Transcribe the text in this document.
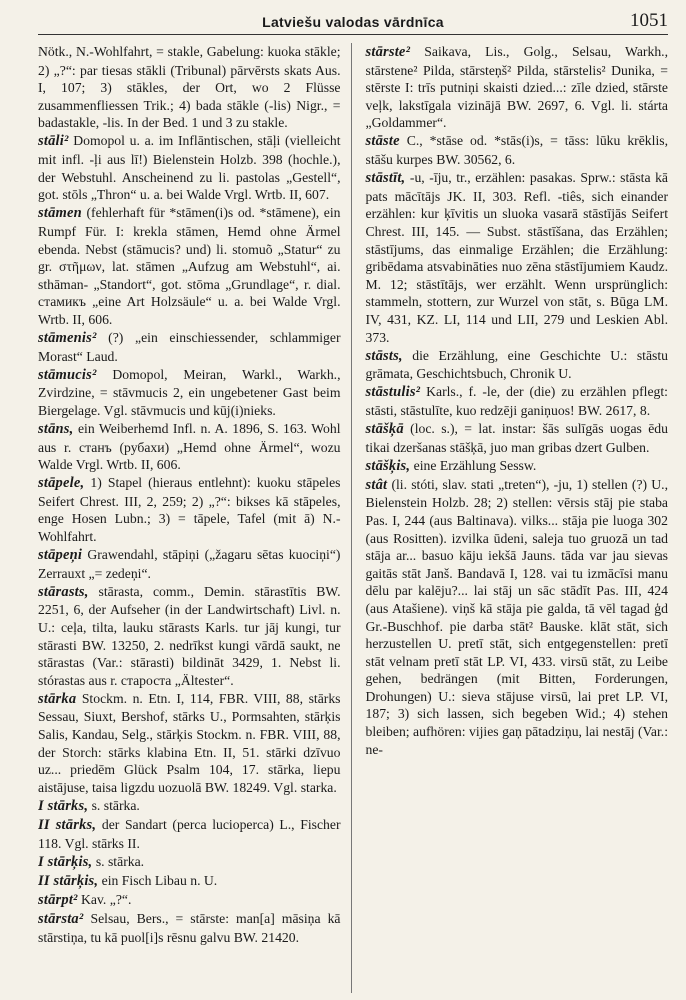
Latviešu valodas vārdnīca	1051

Nötk., N.-Wohlfahrt, = stakle, Gabelung: kuoka stākle; 2) „?“: par tiesas stākli (Tribunal) pārvērsts skats Aus. I, 107; 3) stākles, der Ort, wo 2 Flüsse zusammenfliessen Trik.; 4) bada stākle (-lis) Nigr., = badastakle, -lis. In der Bed. 1 und 3 zu stakle.

stāli² Domopol u. a. im Inflāntischen, stāļi (vielleicht mit infl. -ļi aus lī!) Bielenstein Holzb. 398 (hochle.), der Webstuhl. Anscheinend zu li. pastolas „Gestell“, got. stōls „Thron“ u. a. bei Walde Vrgl. Wrtb. II, 607.

stāmen (fehlerhaft für *stāmen(i)s od. *stāmene), ein Rumpf Für. I: krekla stāmen, Hemd ohne Ärmel ebenda. Nebst (stāmucis? und) li. stomuõ „Statur“ zu gr. στῆμων, lat. stāmen „Aufzug am Webstuhl“, ai. sthāman- „Standort“, got. stōma „Grundlage“, r. dial. стамикъ „eine Art Holzsäule“ u. a. bei Walde Vrgl. Wrtb. II, 606.

stāmenis² (?) „ein einschiessender, schlammiger Morast“ Laud.

stāmucis² Domopol, Meiran, Warkl., Warkh., Zvirdzine, = stāvmucis 2, ein ungebetener Gast beim Biergelage. Vgl. stāvmucis und kūj(i)nieks.

stāns, ein Weiberhemd Infl. n. A. 1896, S. 163. Wohl aus r. станъ (рубахи) „Hemd ohne Ärmel“, wozu Walde Vrgl. Wrtb. II, 606.

stāpele, 1) Stapel (hieraus entlehnt): kuoku stāpeles Seifert Chrest. III, 2, 259; 2) „?“: bikses kā stāpeles, enge Hosen Lubn.; 3) = tāpele, Tafel (mit ā) N.-Wohlfahrt.

stāpeņi Grawendahl, stāpiņi („žagaru sētas kuociņi“) Zerrauxt „= zedeņi“.

stārasts, stārasta, comm., Demin. stārastītis BW. 2251, 6, der Aufseher (in der Landwirtschaft) Livl. n. U.: ceļa, tilta, lauku stārasts Karls. tur jāj kungi, tur stārasti BW. 13250, 2. nedrīkst kungi vārdā saukt, ne stārastas (Var.: stārasti) bildināt 3429, 1. Nebst li. stórastas aus r. старостa „Ältester“.

stārka Stockm. n. Etn. I, 114, FBR. VIII, 88, stārks Sessau, Siuxt, Bershof, stārks U., Pormsahten, stārķis Salis, Kandau, Selg., stārķis Stockm. n. FBR. VIII, 88, der Storch: stārks klabina Etn. II, 51. stārki dzīvuo uz... priedēm Glück Psalm 104, 17. stārka, liepu aistājuse, taisa ligzdu uozuolā BW. 18249. Vgl. starka.

I stārks, s. stārka.

II stārks, der Sandart (perca lucioperca) L., Fischer 118. Vgl. stārks II.

I stārķis, s. stārka.

II stārķis, ein Fisch Libau n. U.

stārpt² Kav. „?“.

stārsta² Selsau, Bers., = stārste: man[a] māsiņa kā stārstiņa, tu kā puol[i]s rēsnu galvu BW. 21420.

stārste² Saikava, Lis., Golg., Selsau, Warkh., stārstene² Pilda, stārsteņš² Pilda, stārstelis² Dunika, = stērste I: trīs putniņi skaisti dzied...: zīle dzied, stārste veļk, lakstīgala vizinājā BW. 2697, 6. Vgl. li. stárta „Goldammer“.

stāste C., *stāse od. *stās(i)s, = tāss: lūku krēklis, stāšu kurpes BW. 30562, 6.

stāstīt, -u, -īju, tr., erzählen: pasakas. Sprw.: stāsta kā pats mācītājs JK. II, 303. Refl. -tiês, sich einander erzählen: kur ķīvitis un sluoka vasarā stāstījās Seifert Chrest. III, 145. — Subst. stāstīšana, das Erzählen; stāstījums, das einmalige Erzählen; die Erzählung: gribēdama atsvabināties nuo zēna stāstījumiem Kaudz. M. 12; stāstītājs, wer erzählt. Wenn ursprünglich: stammeln, stottern, zur Wurzel von stāt, s. Būga LM. IV, 431, KZ. LI, 114 und LII, 279 und Leskien Abl. 373.

stāsts, die Erzählung, eine Geschichte U.: stāstu grāmata, Geschichtsbuch, Chronik U.

stāstulis² Karls., f. -le, der (die) zu erzählen pflegt: stāsti, stāstulīte, kuo redzēji ganiņuos! BW. 2617, 8.

stāšķā (loc. s.), = lat. instar: šās sulīgās uogas ēdu tikai dzeršanas stāšķā, juo man gribas dzert Gulben.

stāšķis, eine Erzählung Sessw.

stât (li. stóti, slav. stati „treten“), -ju, 1) stellen (?) U., Bielenstein Holzb. 28; 2) stellen: vērsis stāj pie staba Pas. I, 244 (aus Baltinava). vilks... stāja pie luoga 302 (aus Rositten). izvilka ūdeni, saleja tuo gruozā un tad stāja ar... basuo kāju iekšā Jauns. tāda var jau sievas gaitās stāt Janš. Bandavā I, 128. vai tu izmācīsi manu dēlu par kalēju?... lai stāj un sāc stādīt Pas. III, 424 (aus Atašiene). viņš kā stāja pie galda, tā vēl tagad ģd Gr.-Buschhof. pie darba stāt² Bauske. klāt stāt, sich herzustellen U. pretī stāt, sich entgegenstellen: pretī stāt velnam pretī stāt LP. VI, 433. virsū stāt, zu Leibe gehen, bedrängen (mit Bitten, Forderungen, Drohungen) U.: sieva stājuse virsū, lai pret LP. VI, 187; 3) sich lassen, sich begeben Wid.; 4) stehen bleiben; aufhören: vijies gaņ pātadziņu, lai nestāj (Var.: ne-
